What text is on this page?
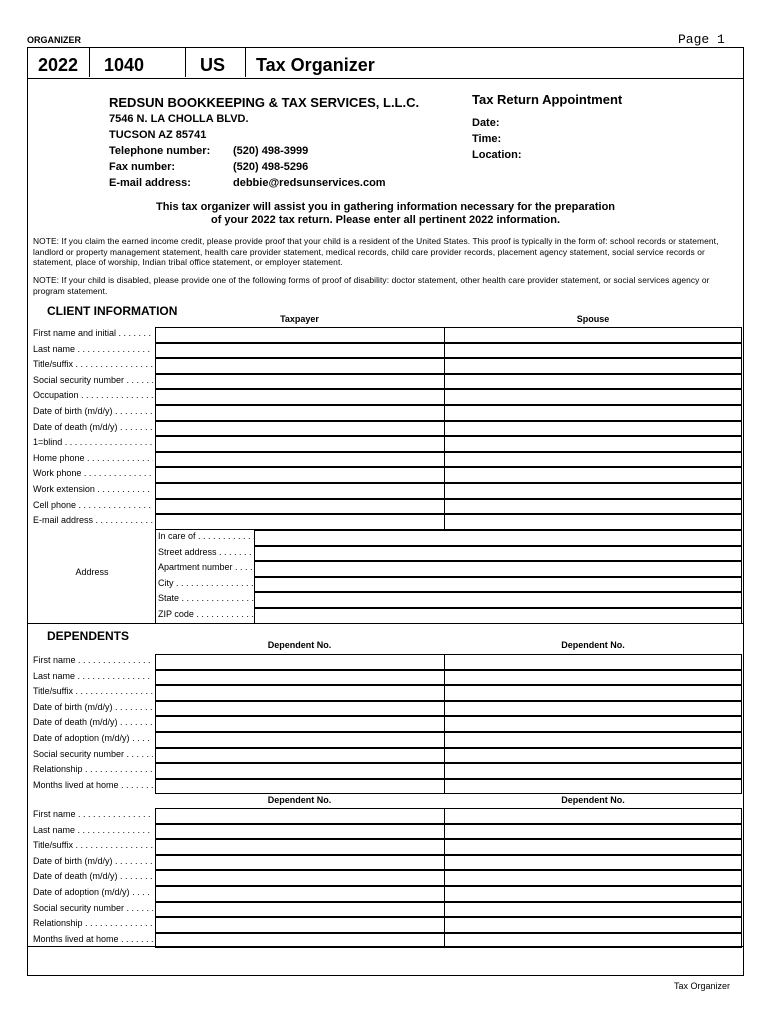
ORGANIZER	Page 1
2022	1040	US	Tax Organizer
REDSUN BOOKKEEPING & TAX SERVICES, L.L.C.
7546 N. LA CHOLLA BLVD.
TUCSON AZ 85741
Telephone number: (520) 498-3999
Fax number:	(520) 498-5296
E-mail address:	debbie@redsunservices.com
Tax Return Appointment
Date:
Time:
Location:
This tax organizer will assist you in gathering information necessary for the preparation
of your 2022 tax return. Please enter all pertinent 2022 information.
NOTE: If you claim the earned income credit, please provide proof that your child is a resident of the United States. This proof is typically in the form of: school records or statement, landlord or property management statement, health care provider statement, medical records, child care provider records, placement agency statement, social service records or statement, place of worship, Indian tribal office statement, or employer statement.
NOTE: If your child is disabled, please provide one of the following forms of proof of disability: doctor statement, other health care provider statement, or social services agency or program statement.
CLIENT INFORMATION
Taxpayer	Spouse
First name and initial . . .
Last name . . .
Title/suffix . . .
Social security number . . .
Occupation . . .
Date of birth (m/d/y) . . .
Date of death (m/d/y) . . .
1=blind . . .
Home phone . . .
Work phone . . .
Work extension . . .
Cell phone . . .
E-mail address . . .
Address
In care of . . .
Street address . . .
Apartment number . . .
City . . .
State . . .
ZIP code . . .
DEPENDENTS
Dependent No.	Dependent No.
First name . . .
Last name . . .
Title/suffix . . .
Date of birth (m/d/y) . . .
Date of death (m/d/y) . . .
Date of adoption (m/d/y) . . .
Social security number . . .
Relationship . . .
Months lived at home . . .
Dependent No.	Dependent No.
First name . . .
Last name . . .
Title/suffix . . .
Date of birth (m/d/y) . . .
Date of death (m/d/y) . . .
Date of adoption (m/d/y) . . .
Social security number . . .
Relationship . . .
Months lived at home . . .
Tax Organizer
